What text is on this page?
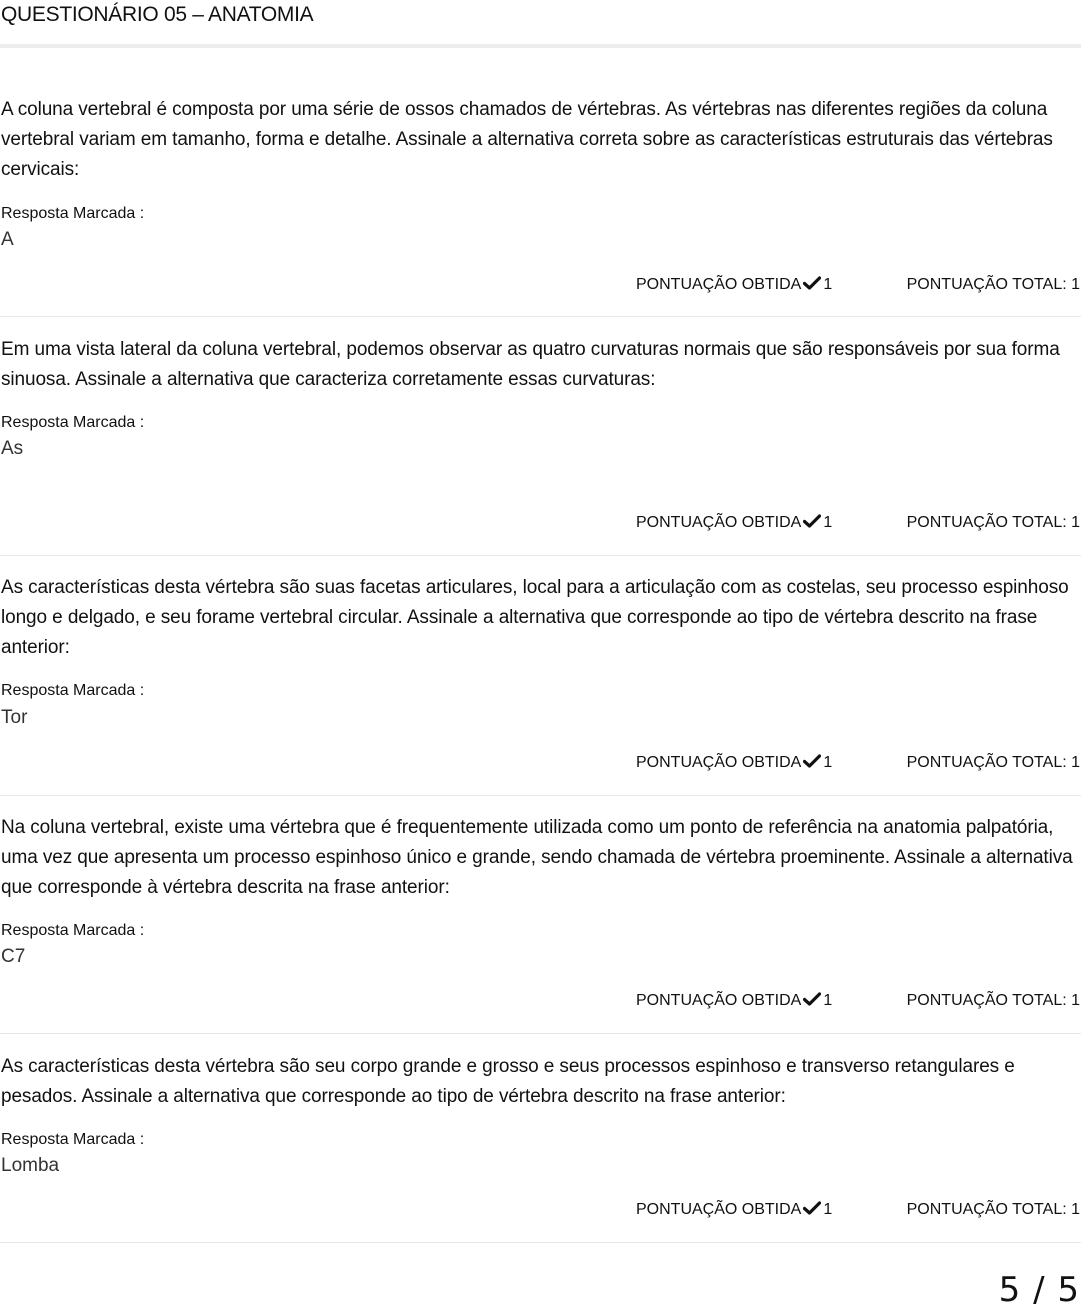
QUESTIONÁRIO 05 – ANATOMIA
A coluna vertebral é composta por uma série de ossos chamados de vértebras. As vértebras nas diferentes regiões da coluna vertebral variam em tamanho, forma e detalhe. Assinale a alternativa correta sobre as características estruturais das vértebras cervicais:
Resposta Marcada :
A
PONTUAÇÃO OBTIDA 1	PONTUAÇÃO TOTAL: 1
Em uma vista lateral da coluna vertebral, podemos observar as quatro curvaturas normais que são responsáveis por sua forma sinuosa. Assinale a alternativa que caracteriza corretamente essas curvaturas:
Resposta Marcada :
As
PONTUAÇÃO OBTIDA 1	PONTUAÇÃO TOTAL: 1
As características desta vértebra são suas facetas articulares, local para a articulação com as costelas, seu processo espinhoso longo e delgado, e seu forame vertebral circular. Assinale a alternativa que corresponde ao tipo de vértebra descrito na frase anterior:
Resposta Marcada :
Tor
PONTUAÇÃO OBTIDA 1	PONTUAÇÃO TOTAL: 1
Na coluna vertebral, existe uma vértebra que é frequentemente utilizada como um ponto de referência na anatomia palpatória, uma vez que apresenta um processo espinhoso único e grande, sendo chamada de vértebra proeminente. Assinale a alternativa que corresponde à vértebra descrita na frase anterior:
Resposta Marcada :
C7
PONTUAÇÃO OBTIDA 1	PONTUAÇÃO TOTAL: 1
As características desta vértebra são seu corpo grande e grosso e seus processos espinhoso e transverso retangulares e pesados. Assinale a alternativa que corresponde ao tipo de vértebra descrito na frase anterior:
Resposta Marcada :
Lomba
PONTUAÇÃO OBTIDA 1	PONTUAÇÃO TOTAL: 1
5 / 5
